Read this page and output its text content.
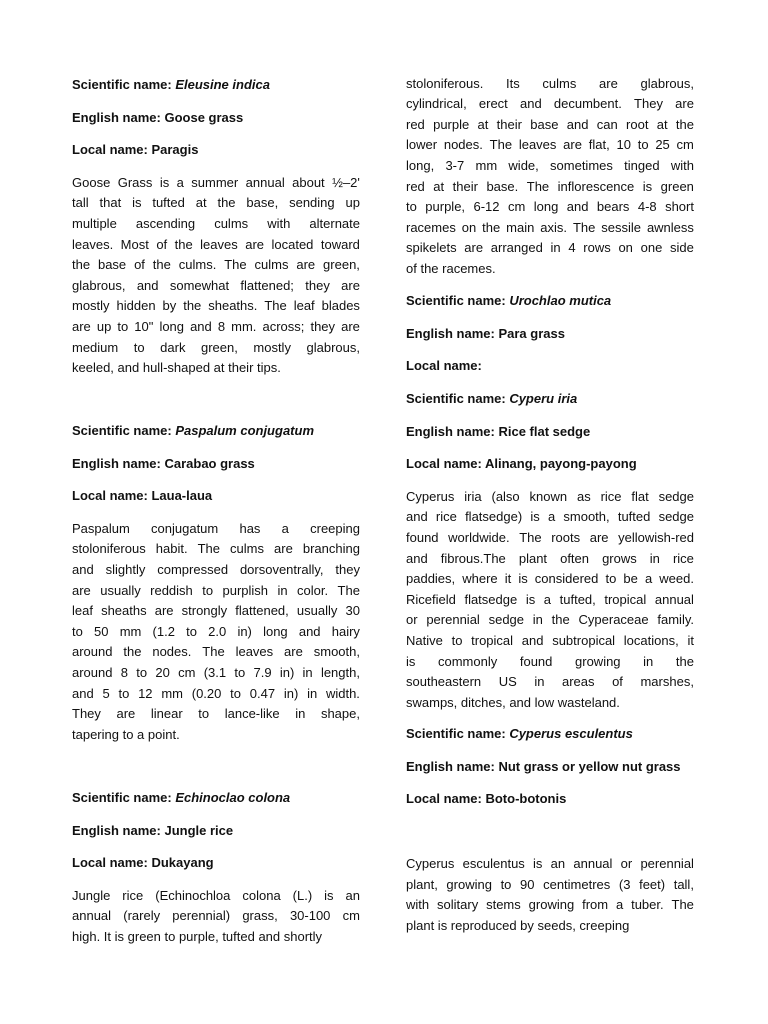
Scientific name: Eleusine indica

English name: Goose grass

Local name: Paragis

Goose Grass is a summer annual about ½–2'

tall that is tufted at the base, sending up

multiple ascending culms with alternate

leaves. Most of the leaves are located toward

the base of the culms. The culms are green,

glabrous, and somewhat flattened; they are

mostly hidden by the sheaths. The leaf blades

are up to 10" long and 8 mm. across; they are

medium to dark green, mostly glabrous,

keeled, and hull-shaped at their tips.

Scientific name: Paspalum conjugatum

English name: Carabao grass

Local name: Laua-laua

Paspalum conjugatum has a creeping

stoloniferous habit. The culms are branching

and slightly compressed dorsoventrally, they

are usually reddish to purplish in color. The

leaf sheaths are strongly flattened, usually 30

to 50 mm (1.2 to 2.0 in) long and hairy

around the nodes. The leaves are smooth,

around 8 to 20 cm (3.1 to 7.9 in) in length,

and 5 to 12 mm (0.20 to 0.47 in) in width.

They are linear to lance-like in shape,

tapering to a point.

Scientific name: Echinoclao colona

English name: Jungle rice

Local name: Dukayang

Jungle rice (Echinochloa colona (L.) is an

annual (rarely perennial) grass, 30-100 cm

high. It is green to purple, tufted and shortly

stoloniferous. Its culms are glabrous,

cylindrical, erect and decumbent. They are

red purple at their base and can root at the

lower nodes. The leaves are flat, 10 to 25 cm

long, 3-7 mm wide, sometimes tinged with

red at their base. The inflorescence is green

to purple, 6-12 cm long and bears 4-8 short

racemes on the main axis. The sessile awnless

spikelets are arranged in 4 rows on one side

of the racemes.

Scientific name: Urochlao mutica

English name: Para grass

Local name:

Scientific name: Cyperu iria

English name: Rice flat sedge

Local name: Alinang, payong-payong

Cyperus iria (also known as rice flat sedge

and rice flatsedge) is a smooth, tufted sedge

found worldwide. The roots are yellowish-red

and fibrous.The plant often grows in rice

paddies, where it is considered to be a weed.

Ricefield flatsedge is a tufted, tropical annual

or perennial sedge in the Cyperaceae family.

Native to tropical and subtropical locations, it

is commonly found growing in the

southeastern US in areas of marshes,

swamps, ditches, and low wasteland.

Scientific name: Cyperus esculentus

English name: Nut grass or yellow nut grass

Local name: Boto-botonis

Cyperus esculentus is an annual or perennial

plant, growing to 90 centimetres (3 feet) tall,

with solitary stems growing from a tuber. The

plant is reproduced by seeds, creeping
